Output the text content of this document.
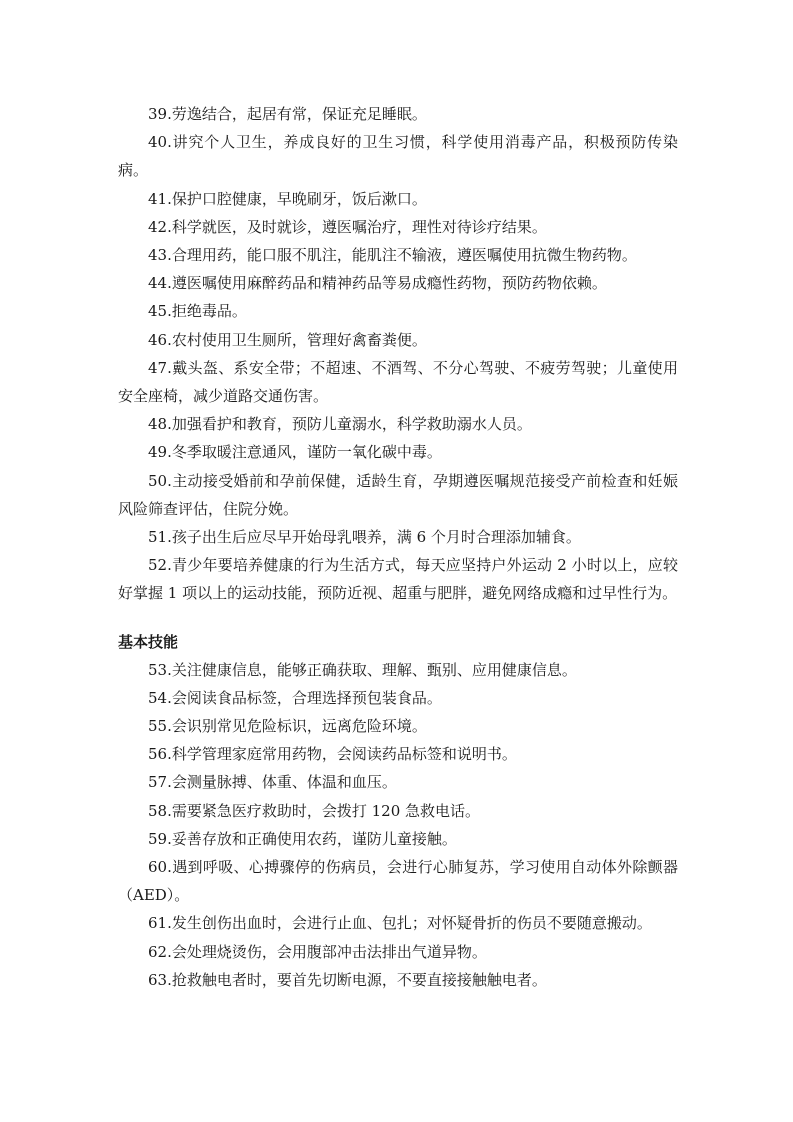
39.劳逸结合，起居有常，保证充足睡眠。

40.讲究个人卫生，养成良好的卫生习惯，科学使用消毒产品，积极预防传染病。

41.保护口腔健康，早晚刷牙，饭后漱口。

42.科学就医，及时就诊，遵医嘱治疗，理性对待诊疗结果。

43.合理用药，能口服不肌注，能肌注不输液，遵医嘱使用抗微生物药物。

44.遵医嘱使用麻醉药品和精神药品等易成瘾性药物，预防药物依赖。

45.拒绝毒品。

46.农村使用卫生厕所，管理好禽畜粪便。

47.戴头盔、系安全带；不超速、不酒驾、不分心驾驶、不疲劳驾驶；儿童使用安全座椅，减少道路交通伤害。

48.加强看护和教育，预防儿童溺水，科学救助溺水人员。

49.冬季取暖注意通风，谨防一氧化碳中毒。

50.主动接受婚前和孕前保健，适龄生育，孕期遵医嘱规范接受产前检查和妊娠风险筛查评估，住院分娩。

51.孩子出生后应尽早开始母乳喂养，满 6 个月时合理添加辅食。

52.青少年要培养健康的行为生活方式，每天应坚持户外运动 2 小时以上，应较好掌握 1 项以上的运动技能，预防近视、超重与肥胖，避免网络成瘾和过早性行为。

基本技能

53.关注健康信息，能够正确获取、理解、甄别、应用健康信息。

54.会阅读食品标签，合理选择预包装食品。

55.会识别常见危险标识，远离危险环境。

56.科学管理家庭常用药物，会阅读药品标签和说明书。

57.会测量脉搏、体重、体温和血压。

58.需要紧急医疗救助时，会拨打 120 急救电话。

59.妥善存放和正确使用农药，谨防儿童接触。

60.遇到呼吸、心搏骤停的伤病员，会进行心肺复苏，学习使用自动体外除颤器（AED）。

61.发生创伤出血时，会进行止血、包扎；对怀疑骨折的伤员不要随意搬动。

62.会处理烧烫伤，会用腹部冲击法排出气道异物。

63.抢救触电者时，要首先切断电源，不要直接接触触电者。
